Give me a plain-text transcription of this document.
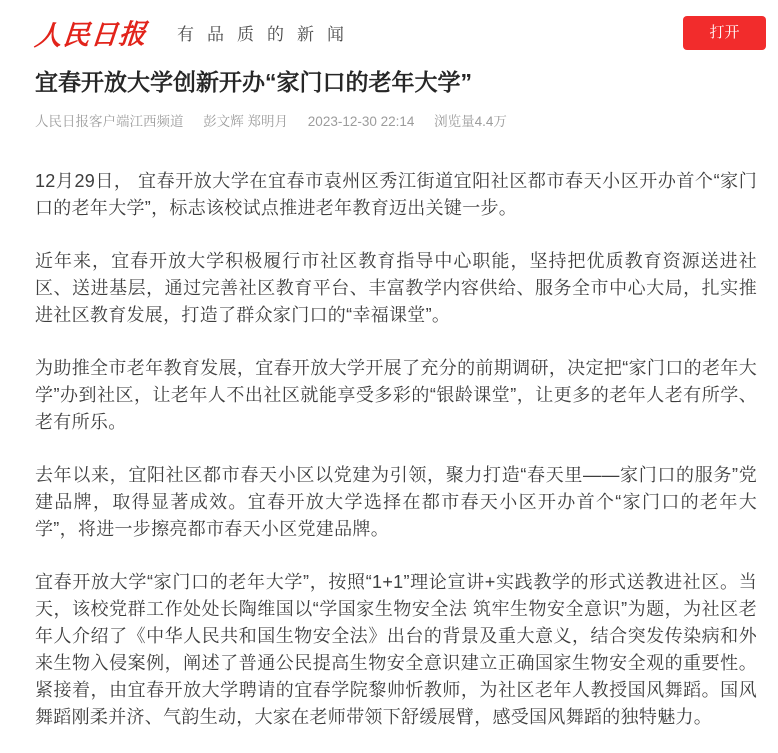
人民日报 有品质的新闻	打开
宜春开放大学创新开办“家门口的老年大学”
人民日报客户端江西频道 彭文辉 郑明月 2023-12-30 22:14 浏览量4.4万

12月29日， 宜春开放大学在宜春市袁州区秀江街道宜阳社区都市春天小区开办首个“家门口的老年大学”，标志该校试点推进老年教育迈出关键一步。

近年来，宜春开放大学积极履行市社区教育指导中心职能，坚持把优质教育资源送进社区、送进基层，通过完善社区教育平台、丰富教学内容供给、服务全市中心大局，扎实推进社区教育发展，打造了群众家门口的“幸福课堂”。

为助推全市老年教育发展，宜春开放大学开展了充分的前期调研，决定把“家门口的老年大学”办到社区，让老年人不出社区就能享受多彩的“银龄课堂”，让更多的老年人老有所学、老有所乐。

去年以来，宜阳社区都市春天小区以党建为引领，聚力打造“春天里——家门口的服务”党建品牌，取得显著成效。宜春开放大学选择在都市春天小区开办首个“家门口的老年大学”，将进一步擦亮都市春天小区党建品牌。

宜春开放大学“家门口的老年大学”，按照“1+1”理论宣讲+实践教学的形式送教进社区。当天，该校党群工作处处长陶维国以“学国家生物安全法 筑牢生物安全意识”为题，为社区老年人介绍了《中华人民共和国生物安全法》出台的背景及重大意义，结合突发传染病和外来生物入侵案例，阐述了普通公民提高生物安全意识建立正确国家生物安全观的重要性。紧接着，由宜春开放大学聘请的宜春学院黎帅忻教师，为社区老年人教授国风舞蹈。国风舞蹈刚柔并济、气韵生动，大家在老师带领下舒缓展臂，感受国风舞蹈的独特魅力。
